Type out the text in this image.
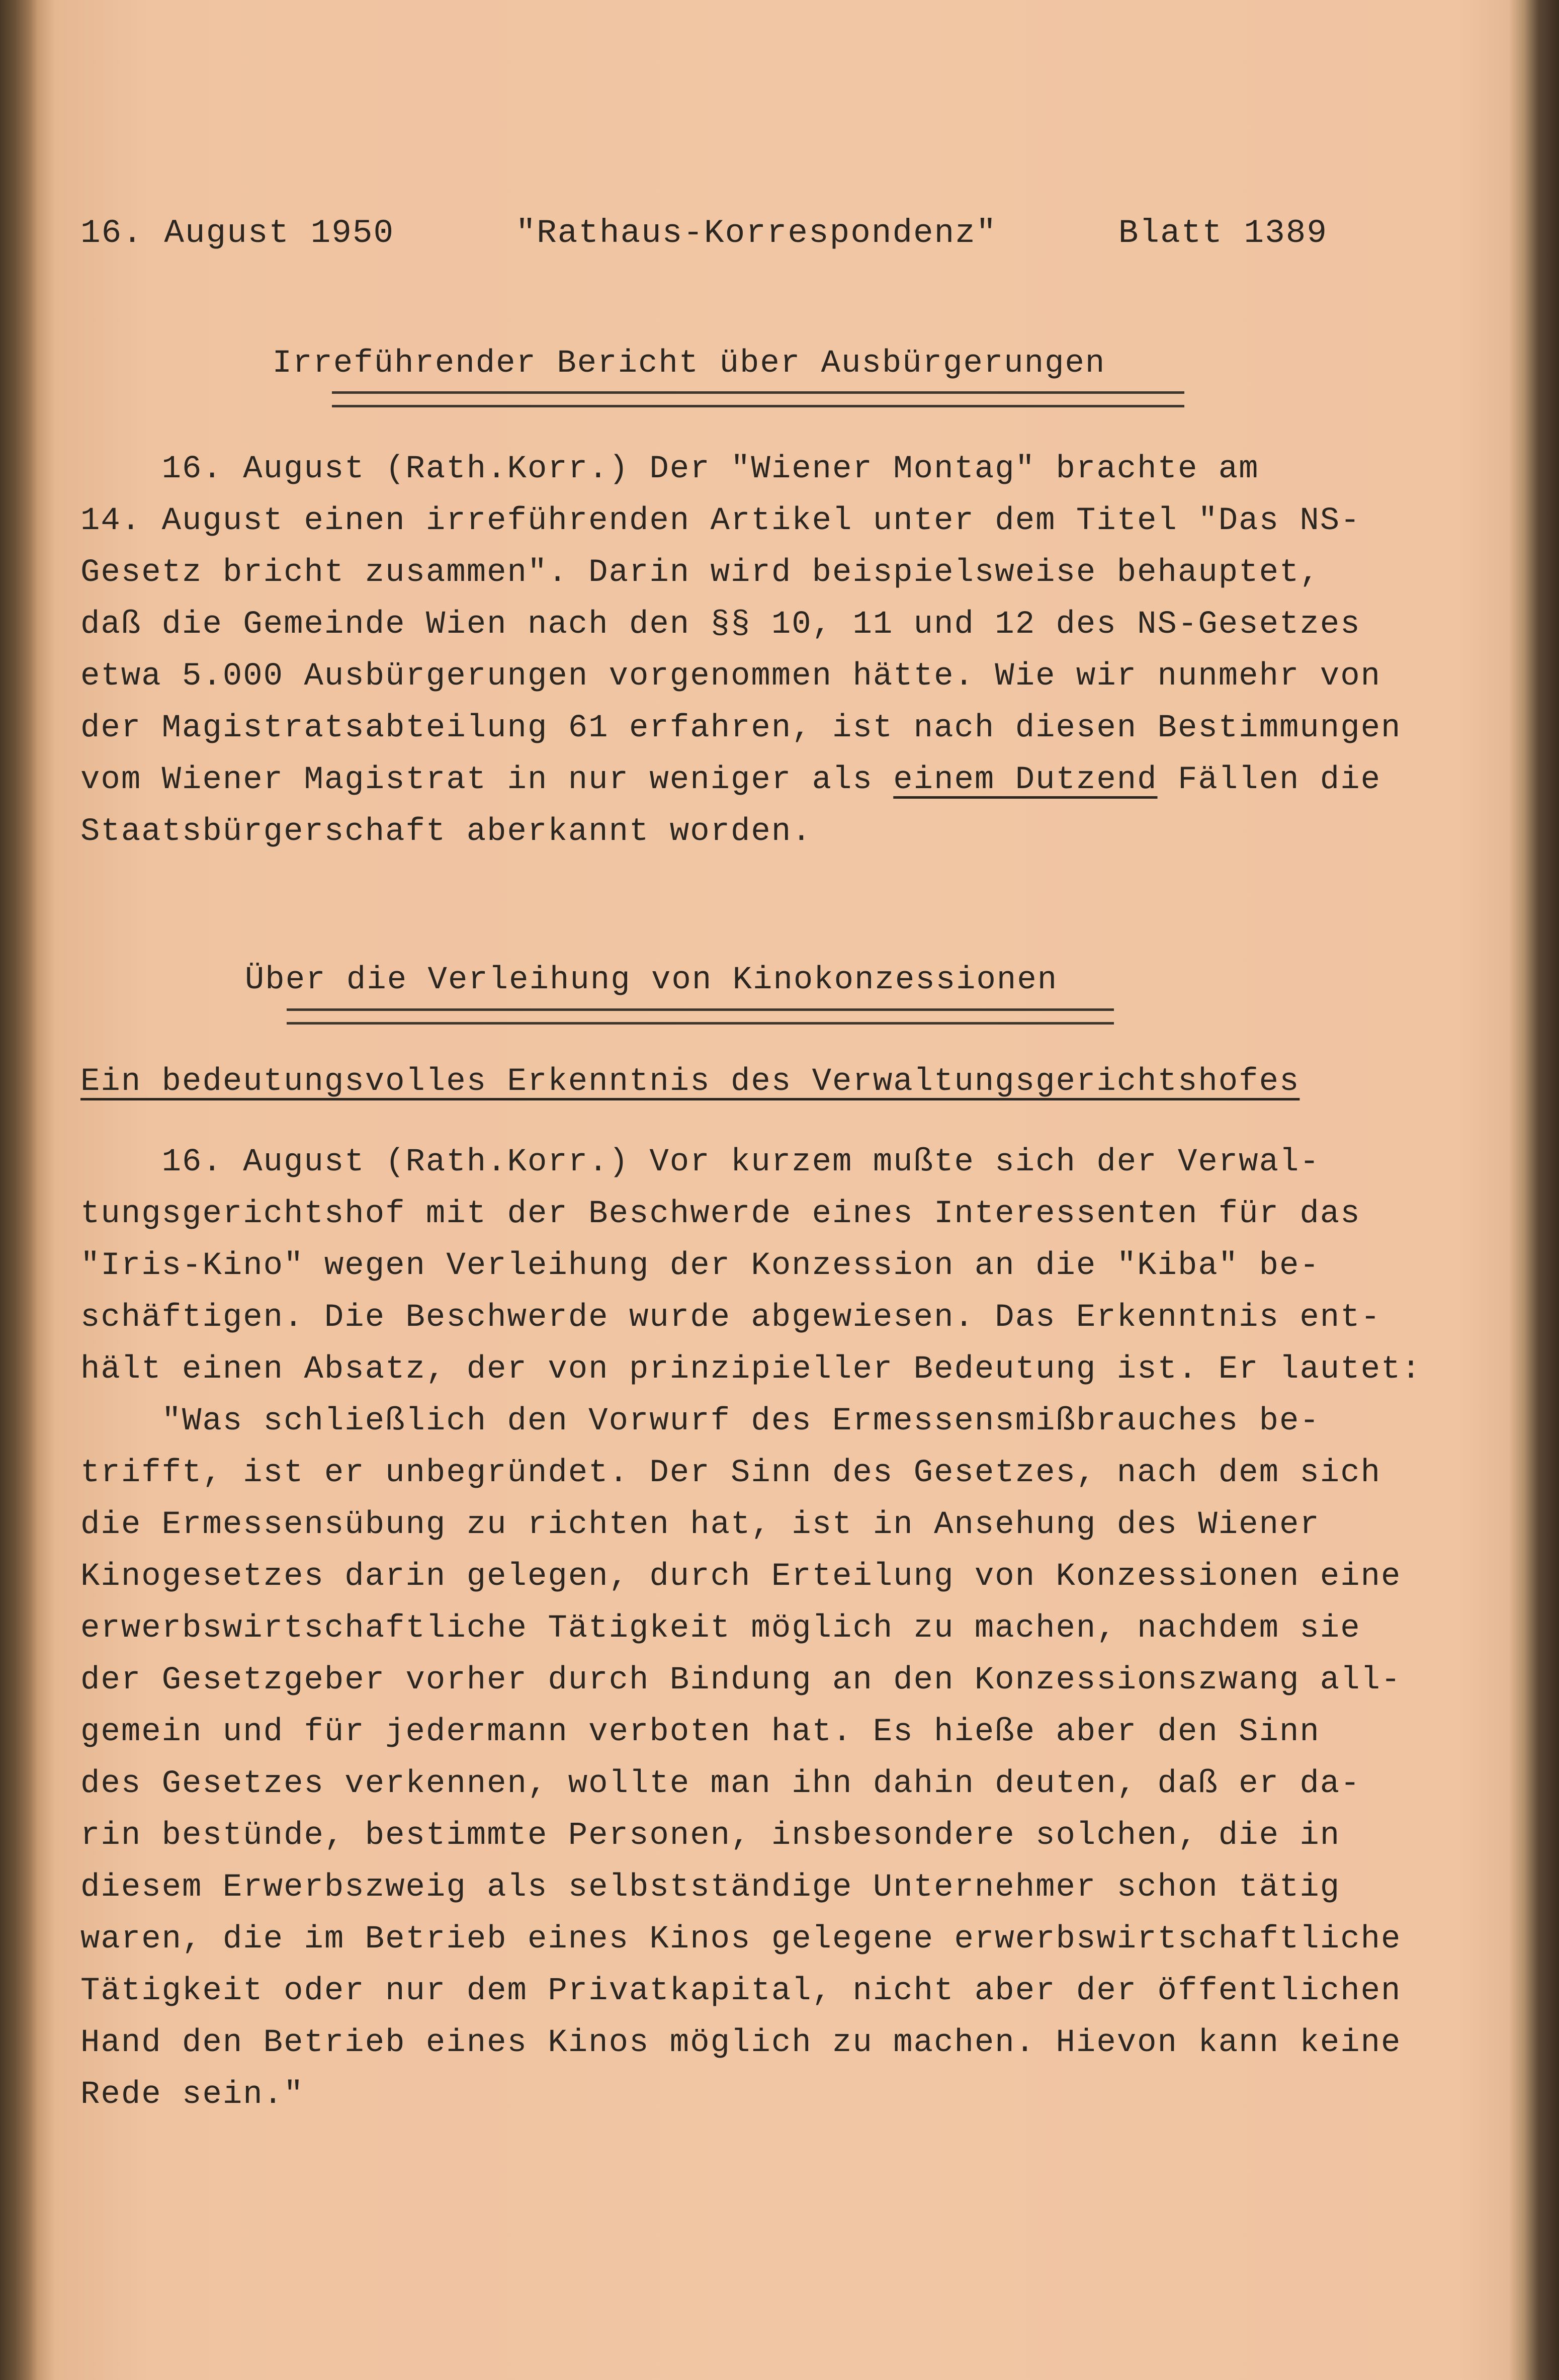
16. August 1950	"Rathaus-Korrespondenz"	Blatt 1389
Irreführender Bericht über Ausbürgerungen

16. August (Rath.Korr.) Der "Wiener Montag" brachte am

14. August einen irreführenden Artikel unter dem Titel "Das NS-

Gesetz bricht zusammen". Darin wird beispielsweise behauptet,

daß die Gemeinde Wien nach den §§ 10, 11 und 12 des NS-Gesetzes

etwa 5.000 Ausbürgerungen vorgenommen hätte. Wie wir nunmehr von

der Magistratsabteilung 61 erfahren, ist nach diesen Bestimmungen

vom Wiener Magistrat in nur weniger als einem Dutzend Fällen die

Staatsbürgerschaft aberkannt worden.

Über die Verleihung von Kinokonzessionen
Ein bedeutungsvolles Erkenntnis des Verwaltungsgerichtshofes

16. August (Rath.Korr.) Vor kurzem mußte sich der Verwal-

tungsgerichtshof mit der Beschwerde eines Interessenten für das

"Iris-Kino" wegen Verleihung der Konzession an die "Kiba" be-

schäftigen. Die Beschwerde wurde abgewiesen. Das Erkenntnis ent-

hält einen Absatz, der von prinzipieller Bedeutung ist. Er lautet:

"Was schließlich den Vorwurf des Ermessensmißbrauches be-

trifft, ist er unbegründet. Der Sinn des Gesetzes, nach dem sich

die Ermessensübung zu richten hat, ist in Ansehung des Wiener

Kinogesetzes darin gelegen, durch Erteilung von Konzessionen eine

erwerbswirtschaftliche Tätigkeit möglich zu machen, nachdem sie

der Gesetzgeber vorher durch Bindung an den Konzessionszwang all-

gemein und für jedermann verboten hat. Es hieße aber den Sinn

des Gesetzes verkennen, wollte man ihn dahin deuten, daß er da-

rin bestünde, bestimmte Personen, insbesondere solchen, die in

diesem Erwerbszweig als selbstständige Unternehmer schon tätig

waren, die im Betrieb eines Kinos gelegene erwerbswirtschaftliche

Tätigkeit oder nur dem Privatkapital, nicht aber der öffentlichen

Hand den Betrieb eines Kinos möglich zu machen. Hievon kann keine

Rede sein."
